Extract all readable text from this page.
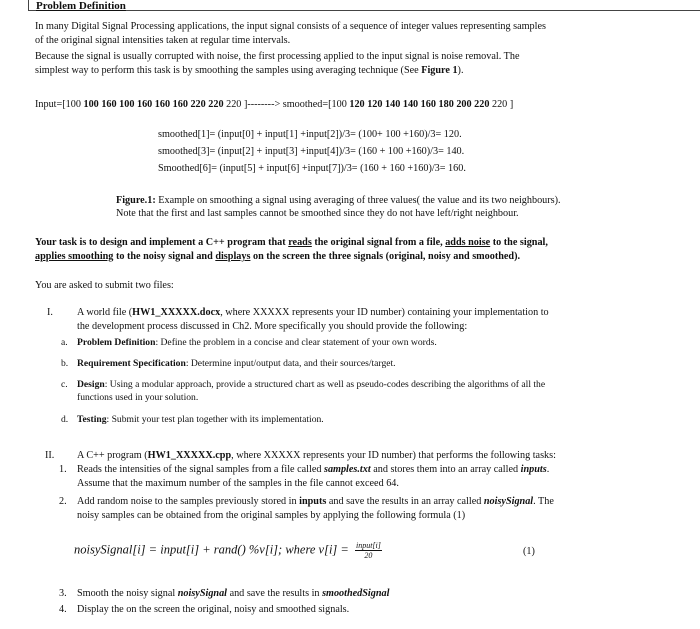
Problem Definition
In many Digital Signal Processing applications, the input signal consists of a sequence of integer values representing samples
of the original signal intensities taken at regular time intervals.
Because the signal is usually corrupted with noise, the first processing applied to the input signal is noise removal. The
simplest way to perform this task is by smoothing the samples using averaging technique (See Figure 1).
Input=[100 100 160 100 160 160 160 220 220 220 ]--------> smoothed=[100 120 120 140 140 160 180 200 220 220 ]
smoothed[1]= (input[0] + input[1] +input[2])/3= (100+ 100 +160)/3= 120.
smoothed[3]= (input[2] + input[3] +input[4])/3= (160 + 100 +160)/3= 140.
Smoothed[6]= (input[5] + input[6] +input[7])/3= (160 + 160 +160)/3= 160.
Figure.1: Example on smoothing a signal using averaging of three values( the value and its two neighbours).
Note that the first and last samples cannot be smoothed since they do not have left/right neighbour.
Your task is to design and implement a C++ program that reads the original signal from a file, adds noise to the signal,
applies smoothing to the noisy signal and displays on the screen the three signals (original, noisy and smoothed).
You are asked to submit two files:
I. A world file (HW1_XXXXX.docx, where XXXXX represents your ID number) containing your implementation to
the development process discussed in Ch2. More specifically you should provide the following:
a. Problem Definition: Define the problem in a concise and clear statement of your own words.
b. Requirement Specification: Determine input/output data, and their sources/target.
c. Design: Using a modular approach, provide a structured chart as well as pseudo-codes describing the algorithms of all the
functions used in your solution.
d. Testing: Submit your test plan together with its implementation.
II. A C++ program (HW1_XXXXX.cpp, where XXXXX represents your ID number) that performs the following tasks:
1. Reads the intensities of the signal samples from a file called samples.txt and stores them into an array called inputs.
Assume that the maximum number of the samples in the file cannot exceed 64.
2. Add random noise to the samples previously stored in inputs and save the results in an array called noisySignal. The
noisy samples can be obtained from the original samples by applying the following formula (1)
noisySignal[i] = input[i] + rand() %v[i]; where $v[i] = \frac{\text{input[i]}}{20}$	(1)
3. Smooth the noisy signal noisySignal and save the results in smoothedSignal
4. Display the on the screen the original, noisy and smoothed signals.
